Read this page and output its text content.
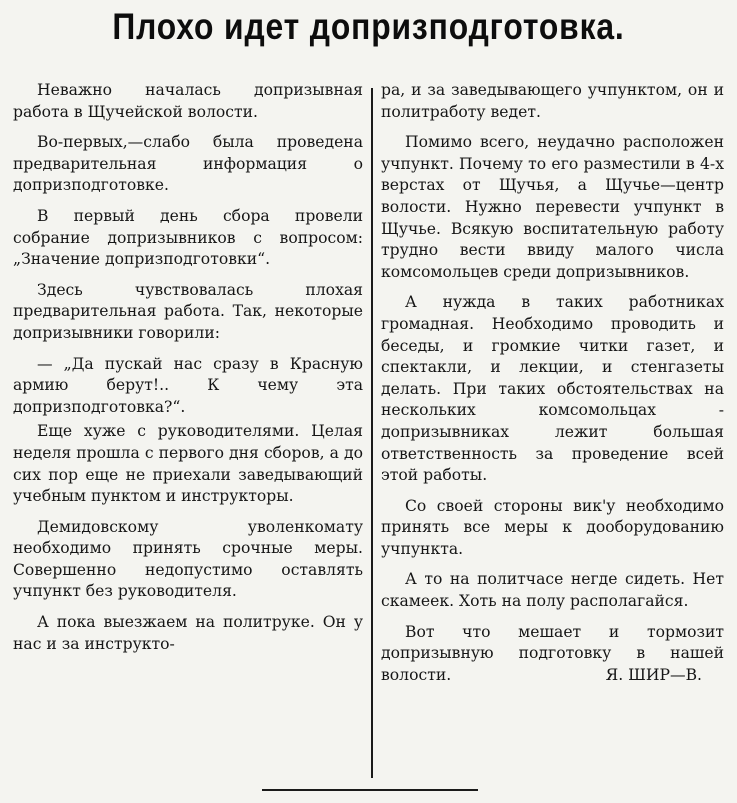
Плохо идет допризподготовка.

Неважно началась допризывная работа в Щучейской волости.

Во-первых,—слабо была проведена предварительная информация о допризподготовке.

В первый день сбора провели собрание допризывников с вопросом: „Значение допризподготовки“.

Здесь чувствовалась плохая предварительная работа. Так, некоторые допризывники говорили:

— „Да пускай нас сразу в Красную армию берут!.. К чему эта допризподготовка?“.

Еще хуже с руководителями. Целая неделя прошла с первого дня сборов, а до сих пор еще не приехали заведывающий учебным пунктом и инструкторы.

Демидовскому уволенкомату необходимо принять срочные меры. Совершенно недопустимо оставлять учпункт без руководителя.

А пока выезжаем на политруке. Он у нас и за инструкто-

ра, и за заведывающего учпунктом, он и политработу ведет.

Помимо всего, неудачно расположен учпункт. Почему то его разместили в 4-х верстах от Щучья, а Щучье—центр волости. Нужно перевести учпункт в Щучье. Всякую воспитательную работу трудно вести ввиду малого числа комсомольцев среди допризывников.

А нужда в таких работниках громадная. Необходимо проводить и беседы, и громкие читки газет, и спектакли, и лекции, и стенгазеты делать. При таких обстоятельствах на нескольких комсомольцах - допризывниках лежит большая ответственность за проведение всей этой работы.

Со своей стороны вик'у необходимо принять все меры к дооборудованию учпункта.

А то на политчасе негде сидеть. Нет скамеек. Хоть на полу располагайся.

Вот что мешает и тормозит допризывную подготовку в нашей волости.	Я. ШИР—В.
